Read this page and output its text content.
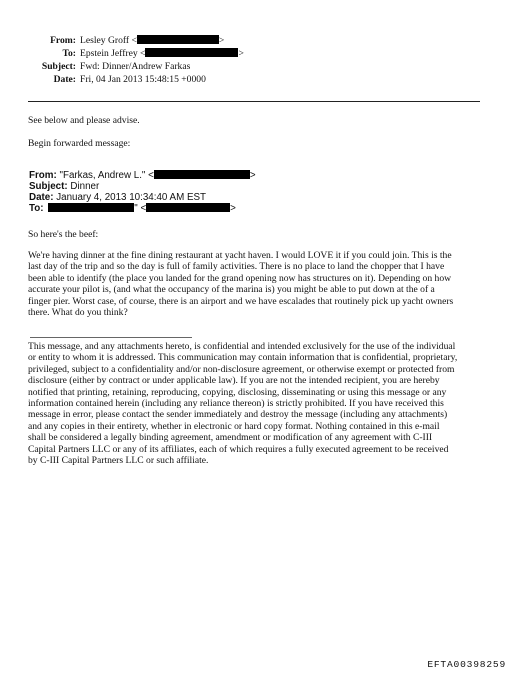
From: Lesley Groff <	>
To: Epstein Jeffrey <	>
Subject: Fwd: Dinner/Andrew Farkas
Date: Fri, 04 Jan 2013 15:48:15 +0000
See below and please advise.
Begin forwarded message:
From: "Farkas, Andrew L." <	>
Subject: Dinner
Date: January 4, 2013 10:34:40 AM EST
To:	" <	>
So here's the beef:
We're having dinner at the fine dining restaurant at yacht haven. I would LOVE it if you could join. This is the
last day of the trip and so the day is full of family activities. There is no place to land the chopper that I have
been able to identify (the place you landed for the grand opening now has structures on it). Depending on how
accurate your pilot is, (and what the occupancy of the marina is) you might be able to put down at the of a
finger pier. Worst case, of course, there is an airport and we have escalades that routinely pick up yacht owners
there. What do you think?
This message, and any attachments hereto, is confidential and intended exclusively for the use of the individual
or entity to whom it is addressed. This communication may contain information that is confidential, proprietary,
privileged, subject to a confidentiality and/or non-disclosure agreement, or otherwise exempt or protected from
disclosure (either by contract or under applicable law). If you are not the intended recipient, you are hereby
notified that printing, retaining, reproducing, copying, disclosing, disseminating or using this message or any
information contained herein (including any reliance thereon) is strictly prohibited. If you have received this
message in error, please contact the sender immediately and destroy the message (including any attachments)
and any copies in their entirety, whether in electronic or hard copy format. Nothing contained in this e-mail
shall be considered a legally binding agreement, amendment or modification of any agreement with C-III
Capital Partners LLC or any of its affiliates, each of which requires a fully executed agreement to be received
by C-III Capital Partners LLC or such affiliate.
EFTA00398259
